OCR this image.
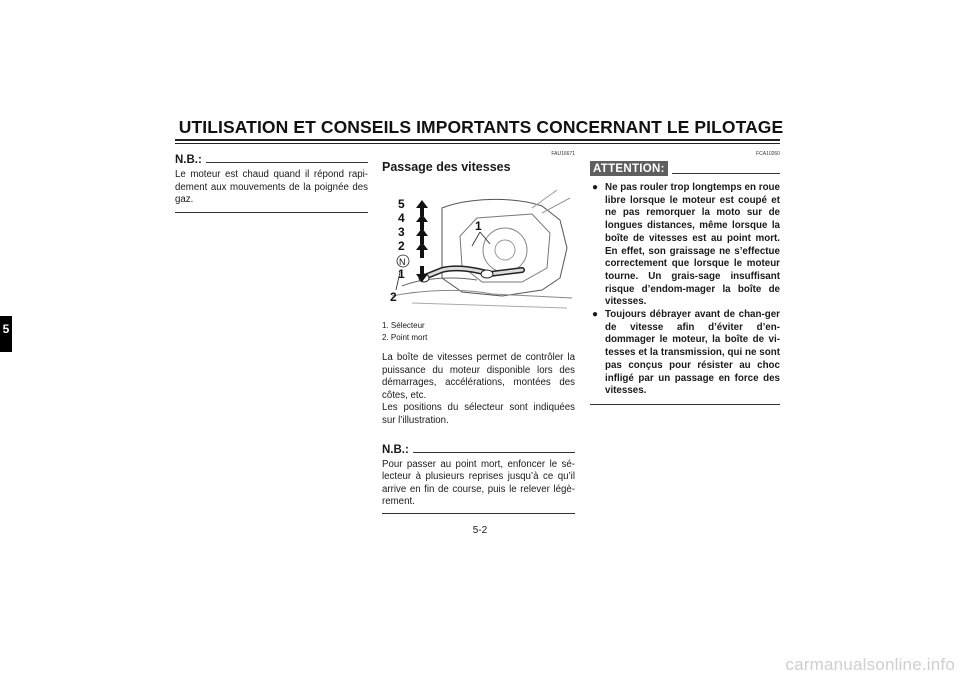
UTILISATION ET CONSEILS IMPORTANTS CONCERNANT LE PILOTAGE
5
N.B.:

Le moteur est chaud quand il répond rapi-dement aux mouvements de la poignée des gaz.

FAU16671
Passage des vitesses
5
4
3
2
N
1
1
2
1. Sélecteur
2. Point mort

La boîte de vitesses permet de contrôler la puissance du moteur disponible lors des démarrages, accélérations, montées des côtes, etc.

Les positions du sélecteur sont indiquées sur l’illustration.

N.B.:

Pour passer au point mort, enfoncer le sé-lecteur à plusieurs reprises jusqu’à ce qu’il arrive en fin de course, puis le relever légè-rement.

FCA10260
ATTENTION:
● Ne pas rouler trop longtemps en roue libre lorsque le moteur est coupé et ne pas remorquer la moto sur de longues distances, même lorsque la boîte de vitesses est au point mort. En effet, son graissage ne s’effectue correctement que lorsque le moteur tourne. Un grais-sage insuffisant risque d’endom-mager la boîte de vitesses.
● Toujours débrayer avant de chan-ger de vitesse afin d’éviter d’en-dommager le moteur, la boîte de vi-tesses et la transmission, qui ne sont pas conçus pour résister au choc infligé par un passage en force des vitesses.
5-2
carmanualsonline.info
